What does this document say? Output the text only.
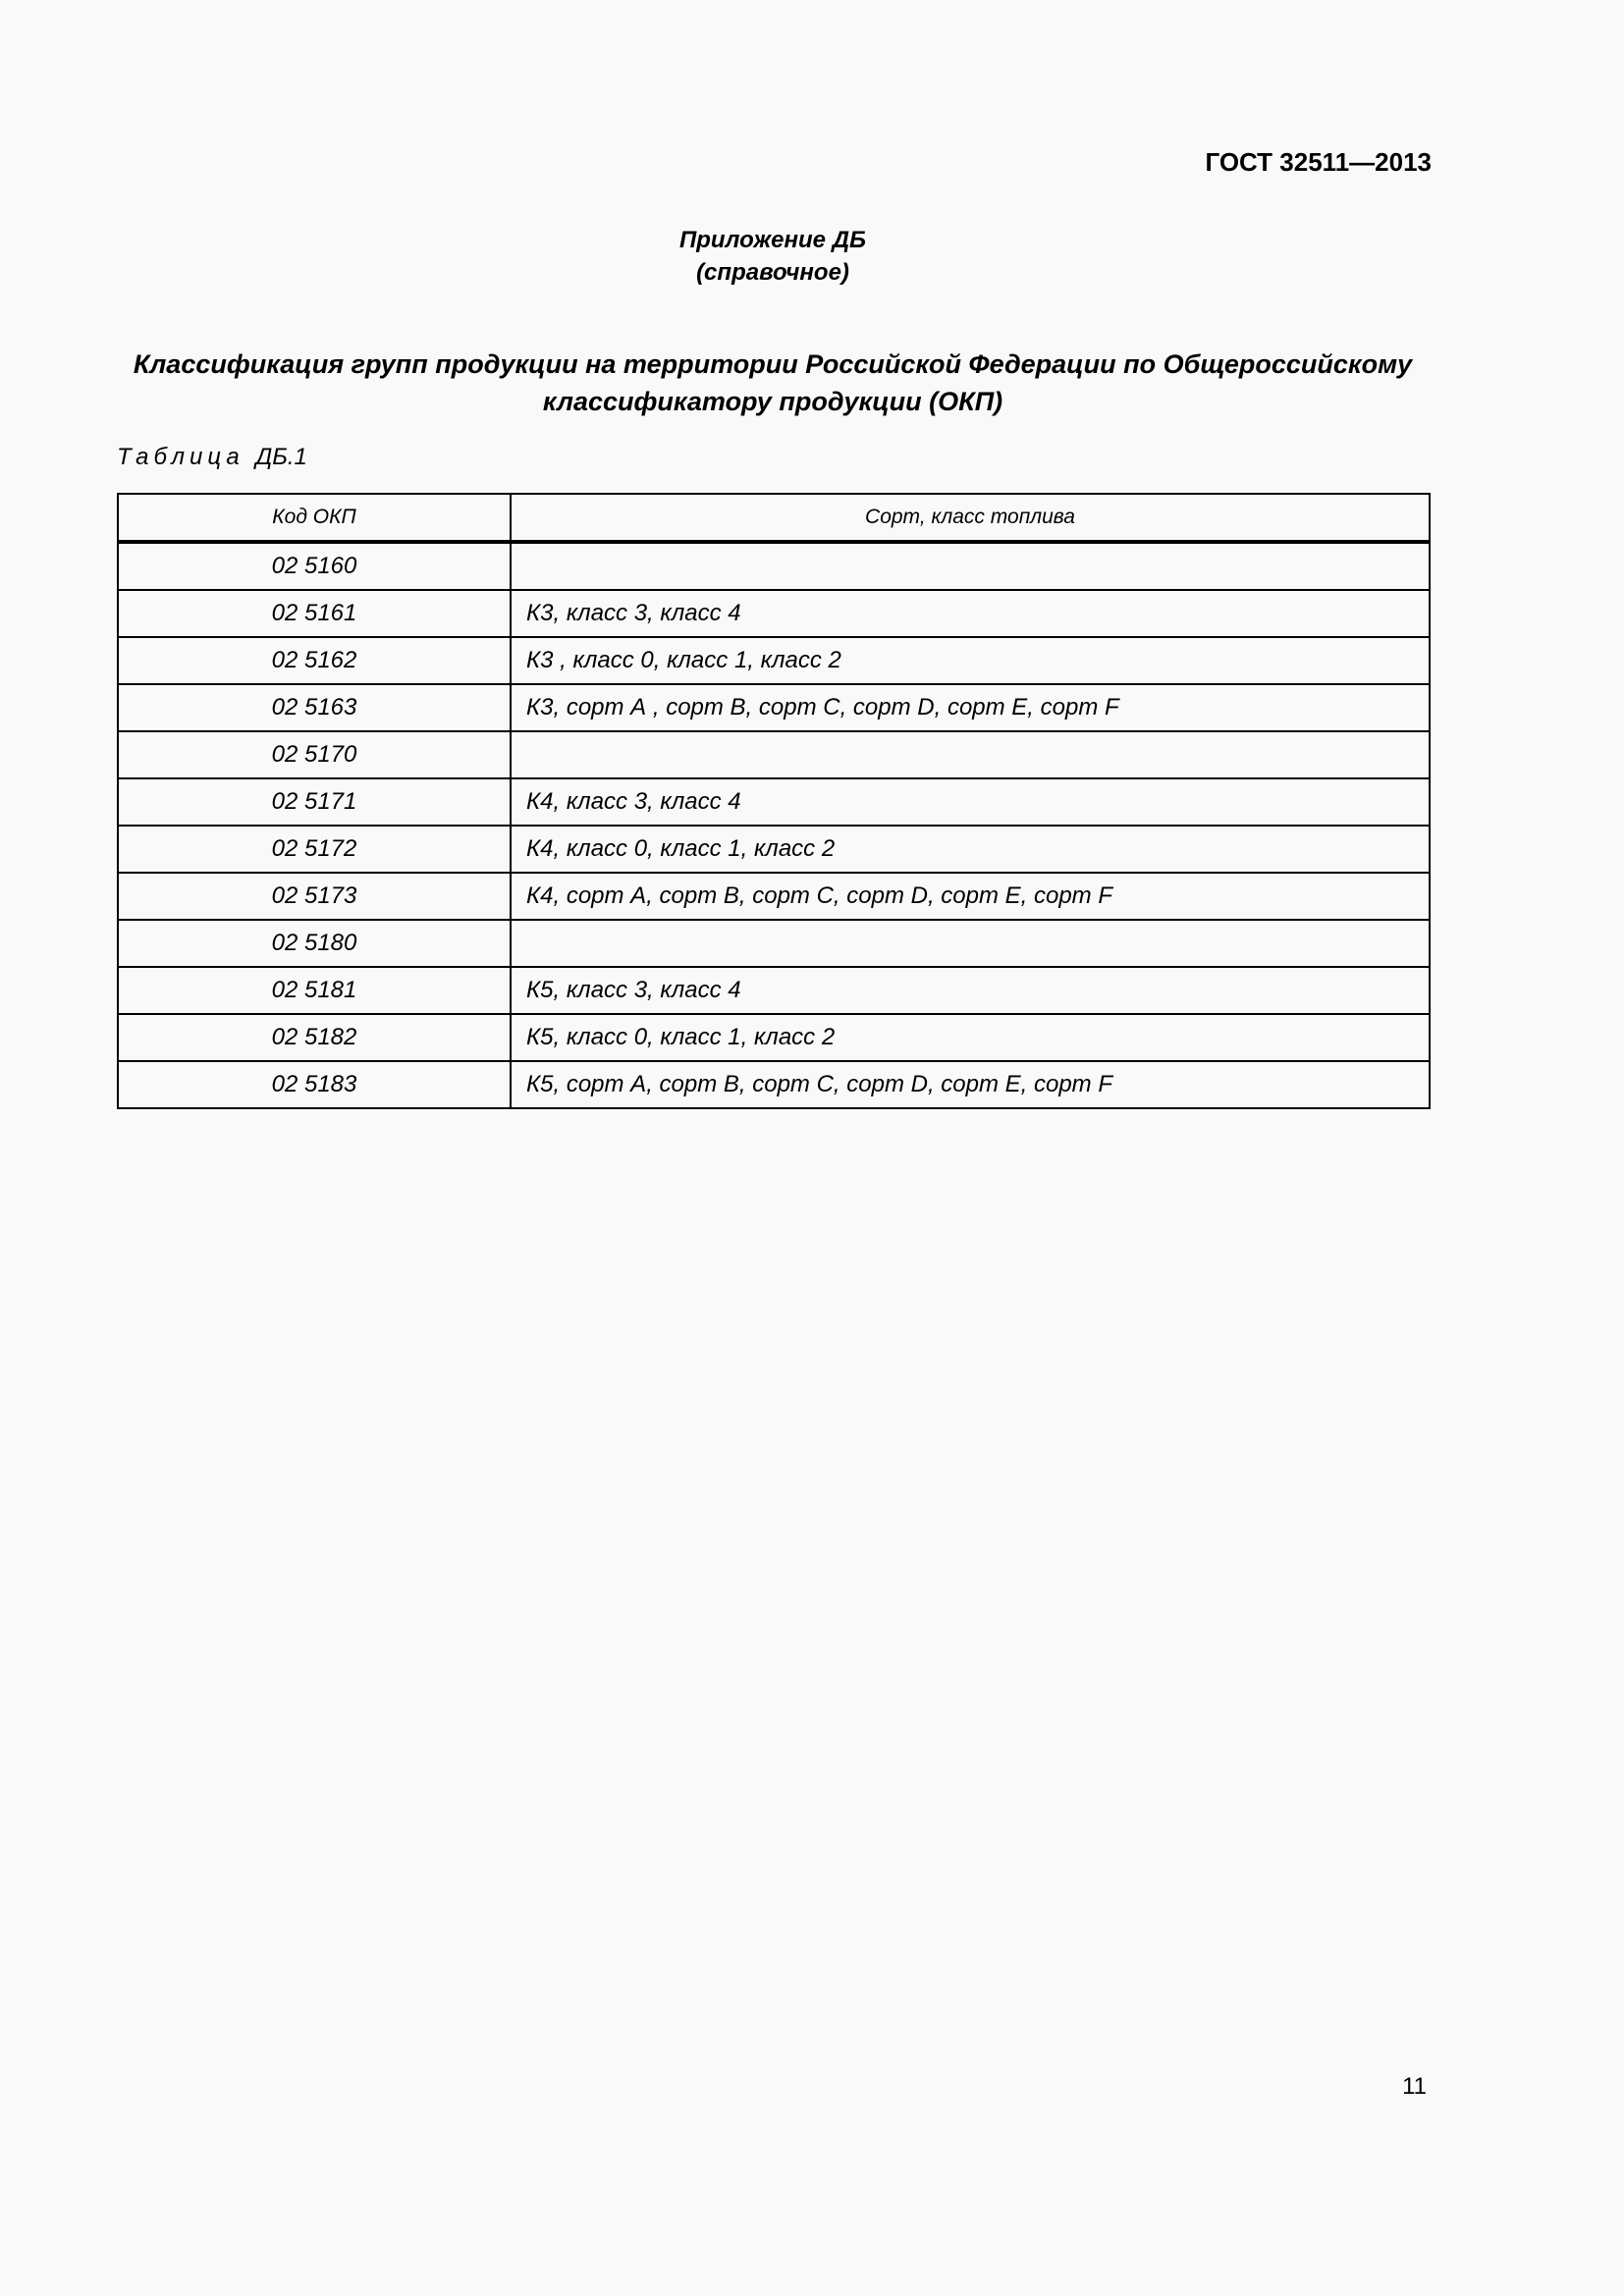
ГОСТ 32511—2013
Приложение ДБ
(справочное)
Классификация групп продукции на территории Российской Федерации по Общероссийскому
классификатору продукции (ОКП)
Таблица ДБ.1
Код ОКП	Сорт, класс топлива
02 5160	
02 5161	К3, класс 3, класс 4
02 5162	К3 , класс 0, класс 1, класс 2
02 5163	К3, сорт А , сорт В, сорт С, сорт D, сорт Е, сорт F
02 5170	
02 5171	К4, класс 3, класс 4
02 5172	К4, класс 0, класс 1, класс 2
02 5173	К4, сорт А, сорт В, сорт С, сорт D, сорт Е, сорт F
02 5180	
02 5181	К5, класс 3, класс 4
02 5182	К5, класс 0, класс 1, класс 2
02 5183	К5, сорт А, сорт В, сорт С, сорт D, сорт Е, сорт F
11
